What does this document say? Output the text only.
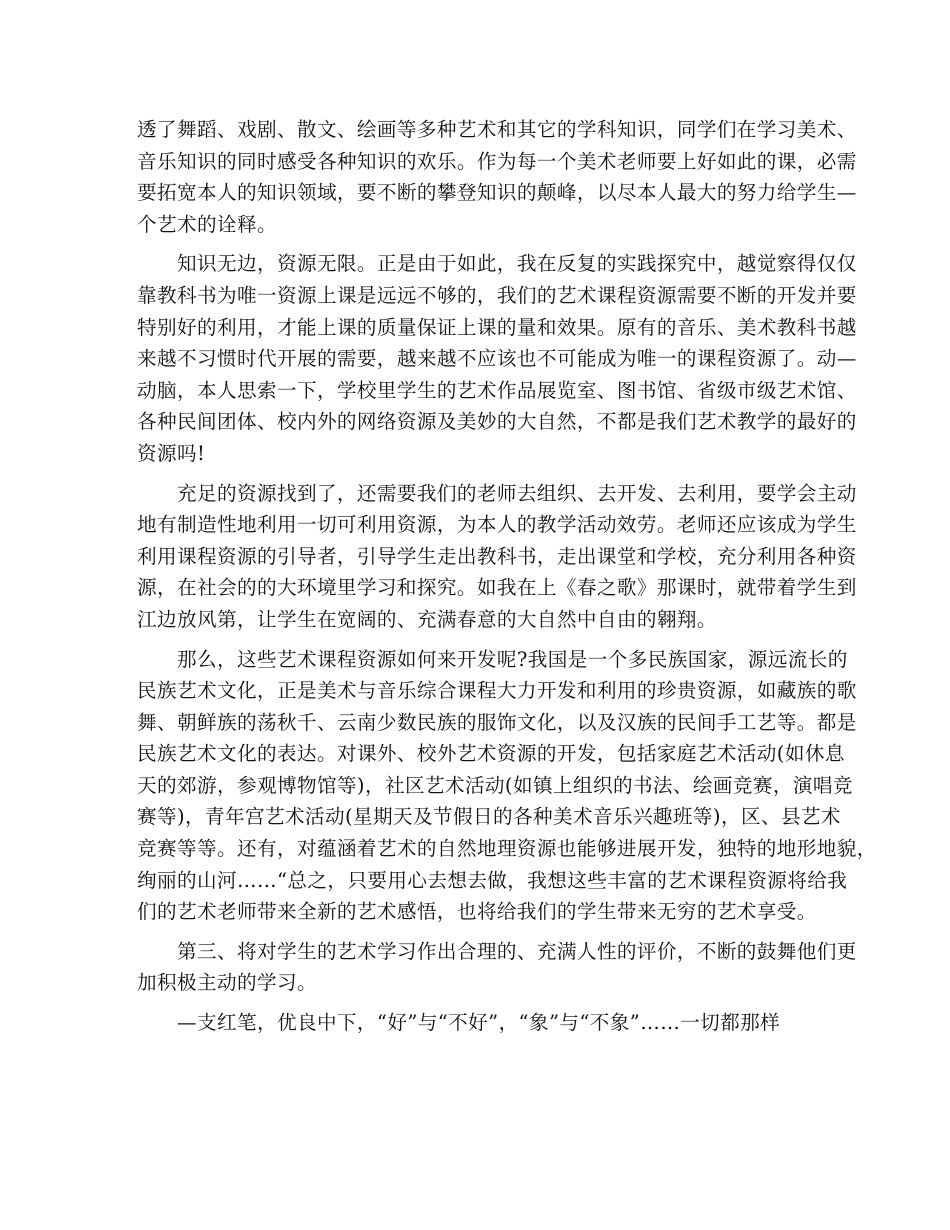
透了舞蹈、戏剧、散文、绘画等多种艺术和其它的学科知识，同学们在学习美术、
音乐知识的同时感受各种知识的欢乐。作为每一个美术老师要上好如此的课，必需
要拓宽本人的知识领域，要不断的攀登知识的颠峰，以尽本人最大的努力给学生—
个艺术的诠释。
　　知识无边，资源无限。正是由于如此，我在反复的实践探究中，越觉察得仅仅
靠教科书为唯一资源上课是远远不够的，我们的艺术课程资源需要不断的开发并要
特别好的利用，才能上课的质量保证上课的量和效果。原有的音乐、美术教科书越
来越不习惯时代开展的需要，越来越不应该也不可能成为唯一的课程资源了。动—
动脑，本人思索一下，学校里学生的艺术作品展览室、图书馆、省级市级艺术馆、
各种民间团体、校内外的网络资源及美妙的大自然，不都是我们艺术教学的最好的
资源吗!
　　充足的资源找到了，还需要我们的老师去组织、去开发、去利用，要学会主动
地有制造性地利用一切可利用资源，为本人的教学活动效劳。老师还应该成为学生
利用课程资源的引导者，引导学生走出教科书，走出课堂和学校，充分利用各种资
源，在社会的的大环境里学习和探究。如我在上《春之歌》那课时，就带着学生到
江边放风第，让学生在宽阔的、充满春意的大自然中自由的翱翔。
　　那么，这些艺术课程资源如何来开发呢?我国是一个多民族国家，源远流长的
民族艺术文化，正是美术与音乐综合课程大力开发和利用的珍贵资源，如藏族的歌
舞、朝鲜族的荡秋千、云南少数民族的服饰文化，以及汉族的民间手工艺等。都是
民族艺术文化的表达。对课外、校外艺术资源的开发，包括家庭艺术活动(如休息
天的郊游，参观博物馆等)，社区艺术活动(如镇上组织的书法、绘画竞赛，演唱竞
赛等)，青年宫艺术活动(星期天及节假日的各种美术音乐兴趣班等)，区、县艺术
竞赛等等。还有，对蕴涵着艺术的自然地理资源也能够进展开发，独特的地形地貌，
绚丽的山河……“总之，只要用心去想去做，我想这些丰富的艺术课程资源将给我
们的艺术老师带来全新的艺术感悟，也将给我们的学生带来无穷的艺术享受。
　　第三、将对学生的艺术学习作出合理的、充满人性的评价，不断的鼓舞他们更
加积极主动的学习。
　　—支红笔，优良中下，“好”与“不好”，“象”与“不象”……一切都那样
